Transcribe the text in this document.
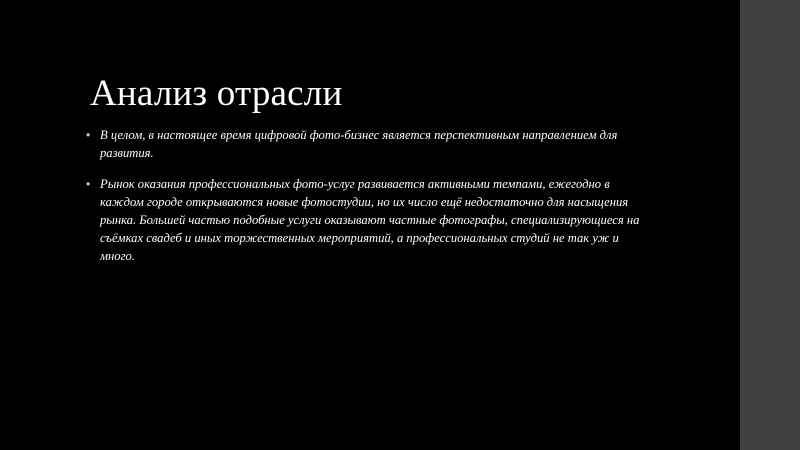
Анализ отрасли
• В целом, в настоящее время цифровой фото-бизнес является перспективным направлением для развития.
• Рынок оказания профессиональных фото-услуг развивается активными темпами, ежегодно в каждом городе открываются новые фотостудии, но их число ещё недостаточно для насыщения рынка. Большей частью подобные услуги оказывают частные фотографы, специализирующиеся на съёмках свадеб и иных торжественных мероприятий, а профессиональных студий не так уж и много.
